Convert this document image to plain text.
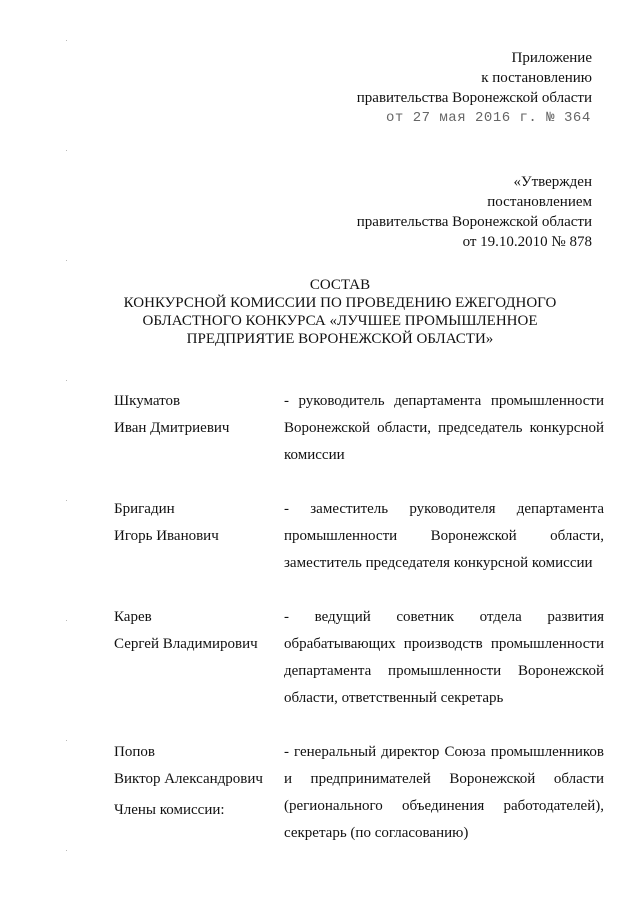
Приложение
к постановлению
правительства Воронежской области
от 27 мая 2016 г. № 364
«Утвержден
постановлением
правительства Воронежской области
от 19.10.2010 № 878
СОСТАВ
КОНКУРСНОЙ КОМИССИИ ПО ПРОВЕДЕНИЮ ЕЖЕГОДНОГО
ОБЛАСТНОГО КОНКУРСА «ЛУЧШЕЕ ПРОМЫШЛЕННОЕ
ПРЕДПРИЯТИЕ ВОРОНЕЖСКОЙ ОБЛАСТИ»
Шкуматов
Иван Дмитриевич
- руководитель департамента промышленности Воронежской области, председатель конкурсной комиссии
Бригадин
Игорь Иванович
- заместитель руководителя департамента промышленности Воронежской области, заместитель председателя конкурсной комиссии
Карев
Сергей Владимирович
- ведущий советник отдела развития обрабатывающих производств промышленности департамента промышленности Воронежской области, ответственный секретарь
Попов
Виктор Александрович
- генеральный директор Союза промышленников и предпринимателей Воронежской области (регионального объединения работодателей), секретарь (по согласованию)
Члены комиссии:
